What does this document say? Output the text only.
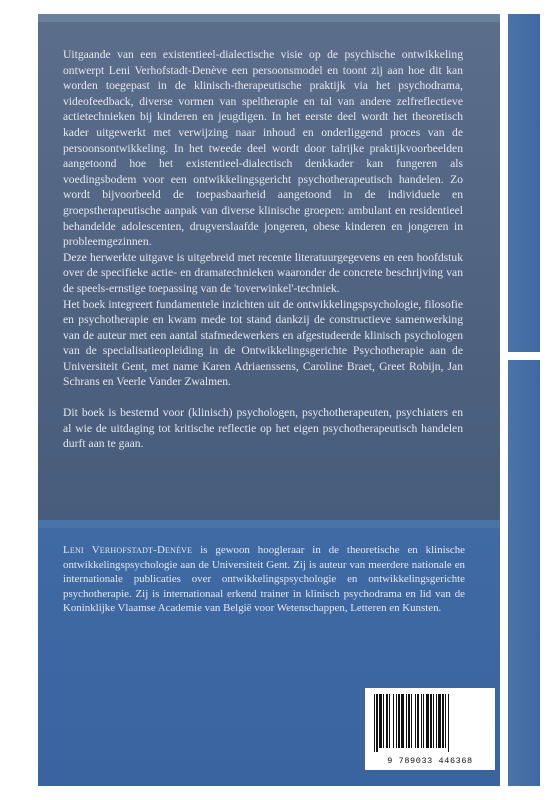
Uitgaande van een existentieel-dialectische visie op de psychische ontwikkeling ontwerpt Leni Verhofstadt-Denève een persoonsmodel en toont zij aan hoe dit kan worden toegepast in de klinisch-therapeutische praktijk via het psychodrama, videofeedback, diverse vormen van speltherapie en tal van andere zelfreflectieve actietechnieken bij kinderen en jeugdigen. In het eerste deel wordt het theoretisch kader uitgewerkt met verwijzing naar inhoud en onderliggend proces van de persoonsontwikkeling. In het tweede deel wordt door talrijke praktijkvoorbeelden aangetoond hoe het existentieel-dialectisch denkkader kan fungeren als voedingsbodem voor een ontwikkelingsgericht psychotherapeutisch handelen. Zo wordt bijvoorbeeld de toepasbaarheid aangetoond in de individuele en groepstherapeutische aanpak van diverse klinische groepen: ambulant en residentieel behandelde adolescenten, drugverslaafde jongeren, obese kinderen en jongeren in probleemgezinnen.

Deze herwerkte uitgave is uitgebreid met recente literatuurgegevens en een hoofdstuk over de specifieke actie- en dramatechnieken waaronder de concrete beschrijving van de speels-ernstige toepassing van de 'toverwinkel'-techniek.

Het boek integreert fundamentele inzichten uit de ontwikkelingspsychologie, filosofie en psychotherapie en kwam mede tot stand dankzij de constructieve samenwerking van de auteur met een aantal stafmedewerkers en afgestudeerde klinisch psychologen van de specialisatieopleiding in de Ontwikkelingsgerichte Psychotherapie aan de Universiteit Gent, met name Karen Adriaenssens, Caroline Braet, Greet Robijn, Jan Schrans en Veerle Vander Zwalmen.

Dit boek is bestemd voor (klinisch) psychologen, psychotherapeuten, psychiaters en al wie de uitdaging tot kritische reflectie op het eigen psychotherapeutisch handelen durft aan te gaan.

Leni Verhofstadt-Denève is gewoon hoogleraar in de theoretische en klinische ontwikkelingspsychologie aan de Universiteit Gent. Zij is auteur van meerdere nationale en internationale publicaties over ontwikkelingspsychologie en ontwikkelingsgerichte psychotherapie. Zij is internationaal erkend trainer in klinisch psychodrama en lid van de Koninklijke Vlaamse Academie van België voor Wetenschappen, Letteren en Kunsten.
9 789033 446368
